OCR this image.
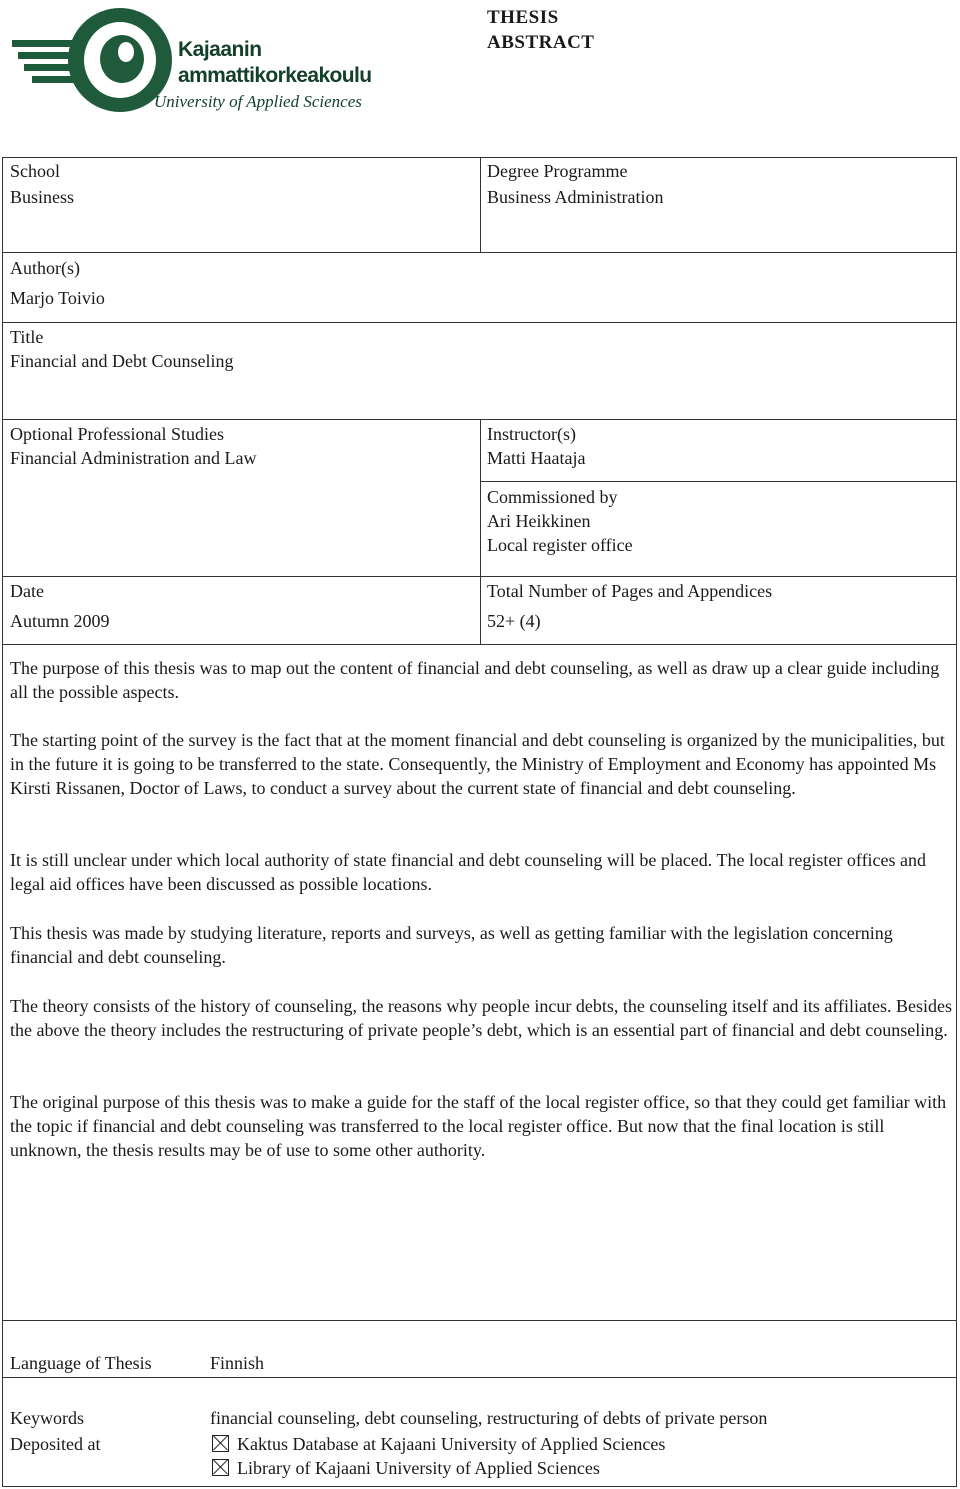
Kajaanin
ammattikorkeakoulu
University of Applied Sciences
THESIS
ABSTRACT
School
Business
Degree Programme
Business Administration
Author(s)
Marjo Toivio
Title
Financial and Debt Counseling
Optional Professional Studies
Financial Administration and Law
Instructor(s)
Matti Haataja
Commissioned by
Ari Heikkinen
Local register office
Date
Autumn 2009
Total Number of Pages and Appendices
52+ (4)
The purpose of this thesis was to map out the content of financial and debt counseling, as well as draw up a clear guide including all the possible aspects.
The starting point of the survey is the fact that at the moment financial and debt counseling is organized by the municipalities, but in the future it is going to be transferred to the state. Consequently, the Ministry of Employment and Economy has appointed Ms Kirsti Rissanen, Doctor of Laws, to conduct a survey about the current state of financial and debt counseling.
It is still unclear under which local authority of state financial and debt counseling will be placed. The local register offices and legal aid offices have been discussed as possible locations.
This thesis was made by studying literature, reports and surveys, as well as getting familiar with the legislation concerning financial and debt counseling.
The theory consists of the history of counseling, the reasons why people incur debts, the counseling itself and its affiliates. Besides the above the theory includes the restructuring of private people’s debt, which is an essential part of financial and debt counseling.
The original purpose of this thesis was to make a guide for the staff of the local register office, so that they could get familiar with the topic if financial and debt counseling was transferred to the local register office. But now that the final location is still unknown, the thesis results may be of use to some other authority.
Language of Thesis	Finnish
Keywords	financial counseling, debt counseling, restructuring of debts of private person
Deposited at	Kaktus Database at Kajaani University of Applied Sciences
Library of Kajaani University of Applied Sciences
